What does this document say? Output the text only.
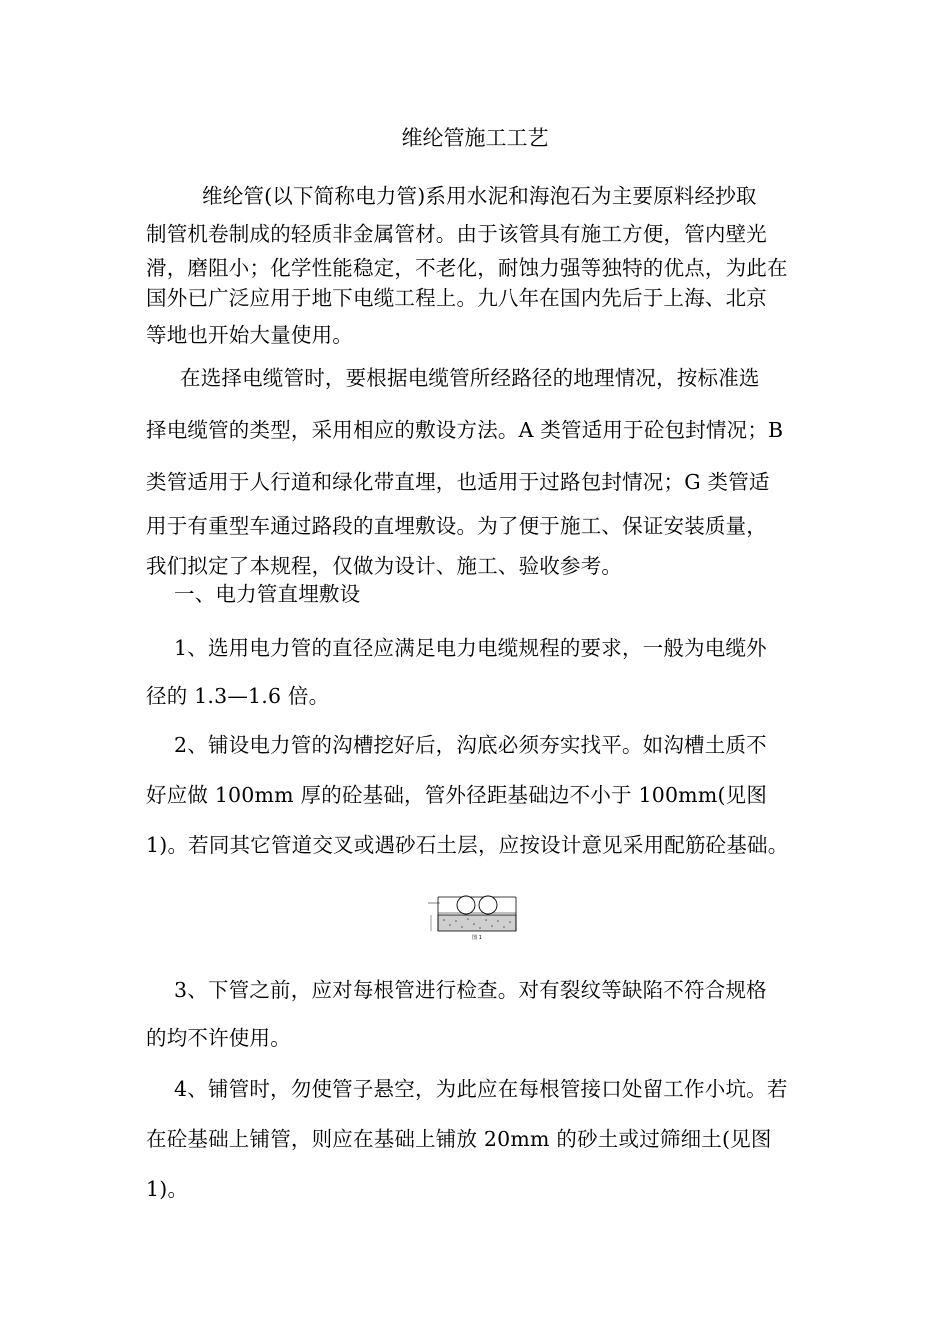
维纶管施工工艺
维纶管(以下简称电力管)系用水泥和海泡石为主要原料经抄取
制管机卷制成的轻质非金属管材。由于该管具有施工方便，管内壁光
滑，磨阻小；化学性能稳定，不老化，耐蚀力强等独特的优点，为此在
国外已广泛应用于地下电缆工程上。九八年在国内先后于上海、北京
等地也开始大量使用。
在选择电缆管时，要根据电缆管所经路径的地理情况，按标准选
择电缆管的类型，采用相应的敷设方法。A 类管适用于砼包封情况；B
类管适用于人行道和绿化带直埋，也适用于过路包封情况；G 类管适
用于有重型车通过路段的直埋敷设。为了便于施工、保证安装质量，
我们拟定了本规程，仅做为设计、施工、验收参考。
一、电力管直埋敷设
1、选用电力管的直径应满足电力电缆规程的要求，一般为电缆外
径的 1.3—1.6 倍。
2、铺设电力管的沟槽挖好后，沟底必须夯实找平。如沟槽土质不
好应做 100mm 厚的砼基础，管外径距基础边不小于 100mm(见图
1)。若同其它管道交叉或遇砂石土层，应按设计意见采用配筋砼基础。
图 1
3、下管之前，应对每根管进行检查。对有裂纹等缺陷不符合规格
的均不许使用。
4、铺管时，勿使管子悬空，为此应在每根管接口处留工作小坑。若
在砼基础上铺管，则应在基础上铺放 20mm 的砂土或过筛细土(见图
1)。
